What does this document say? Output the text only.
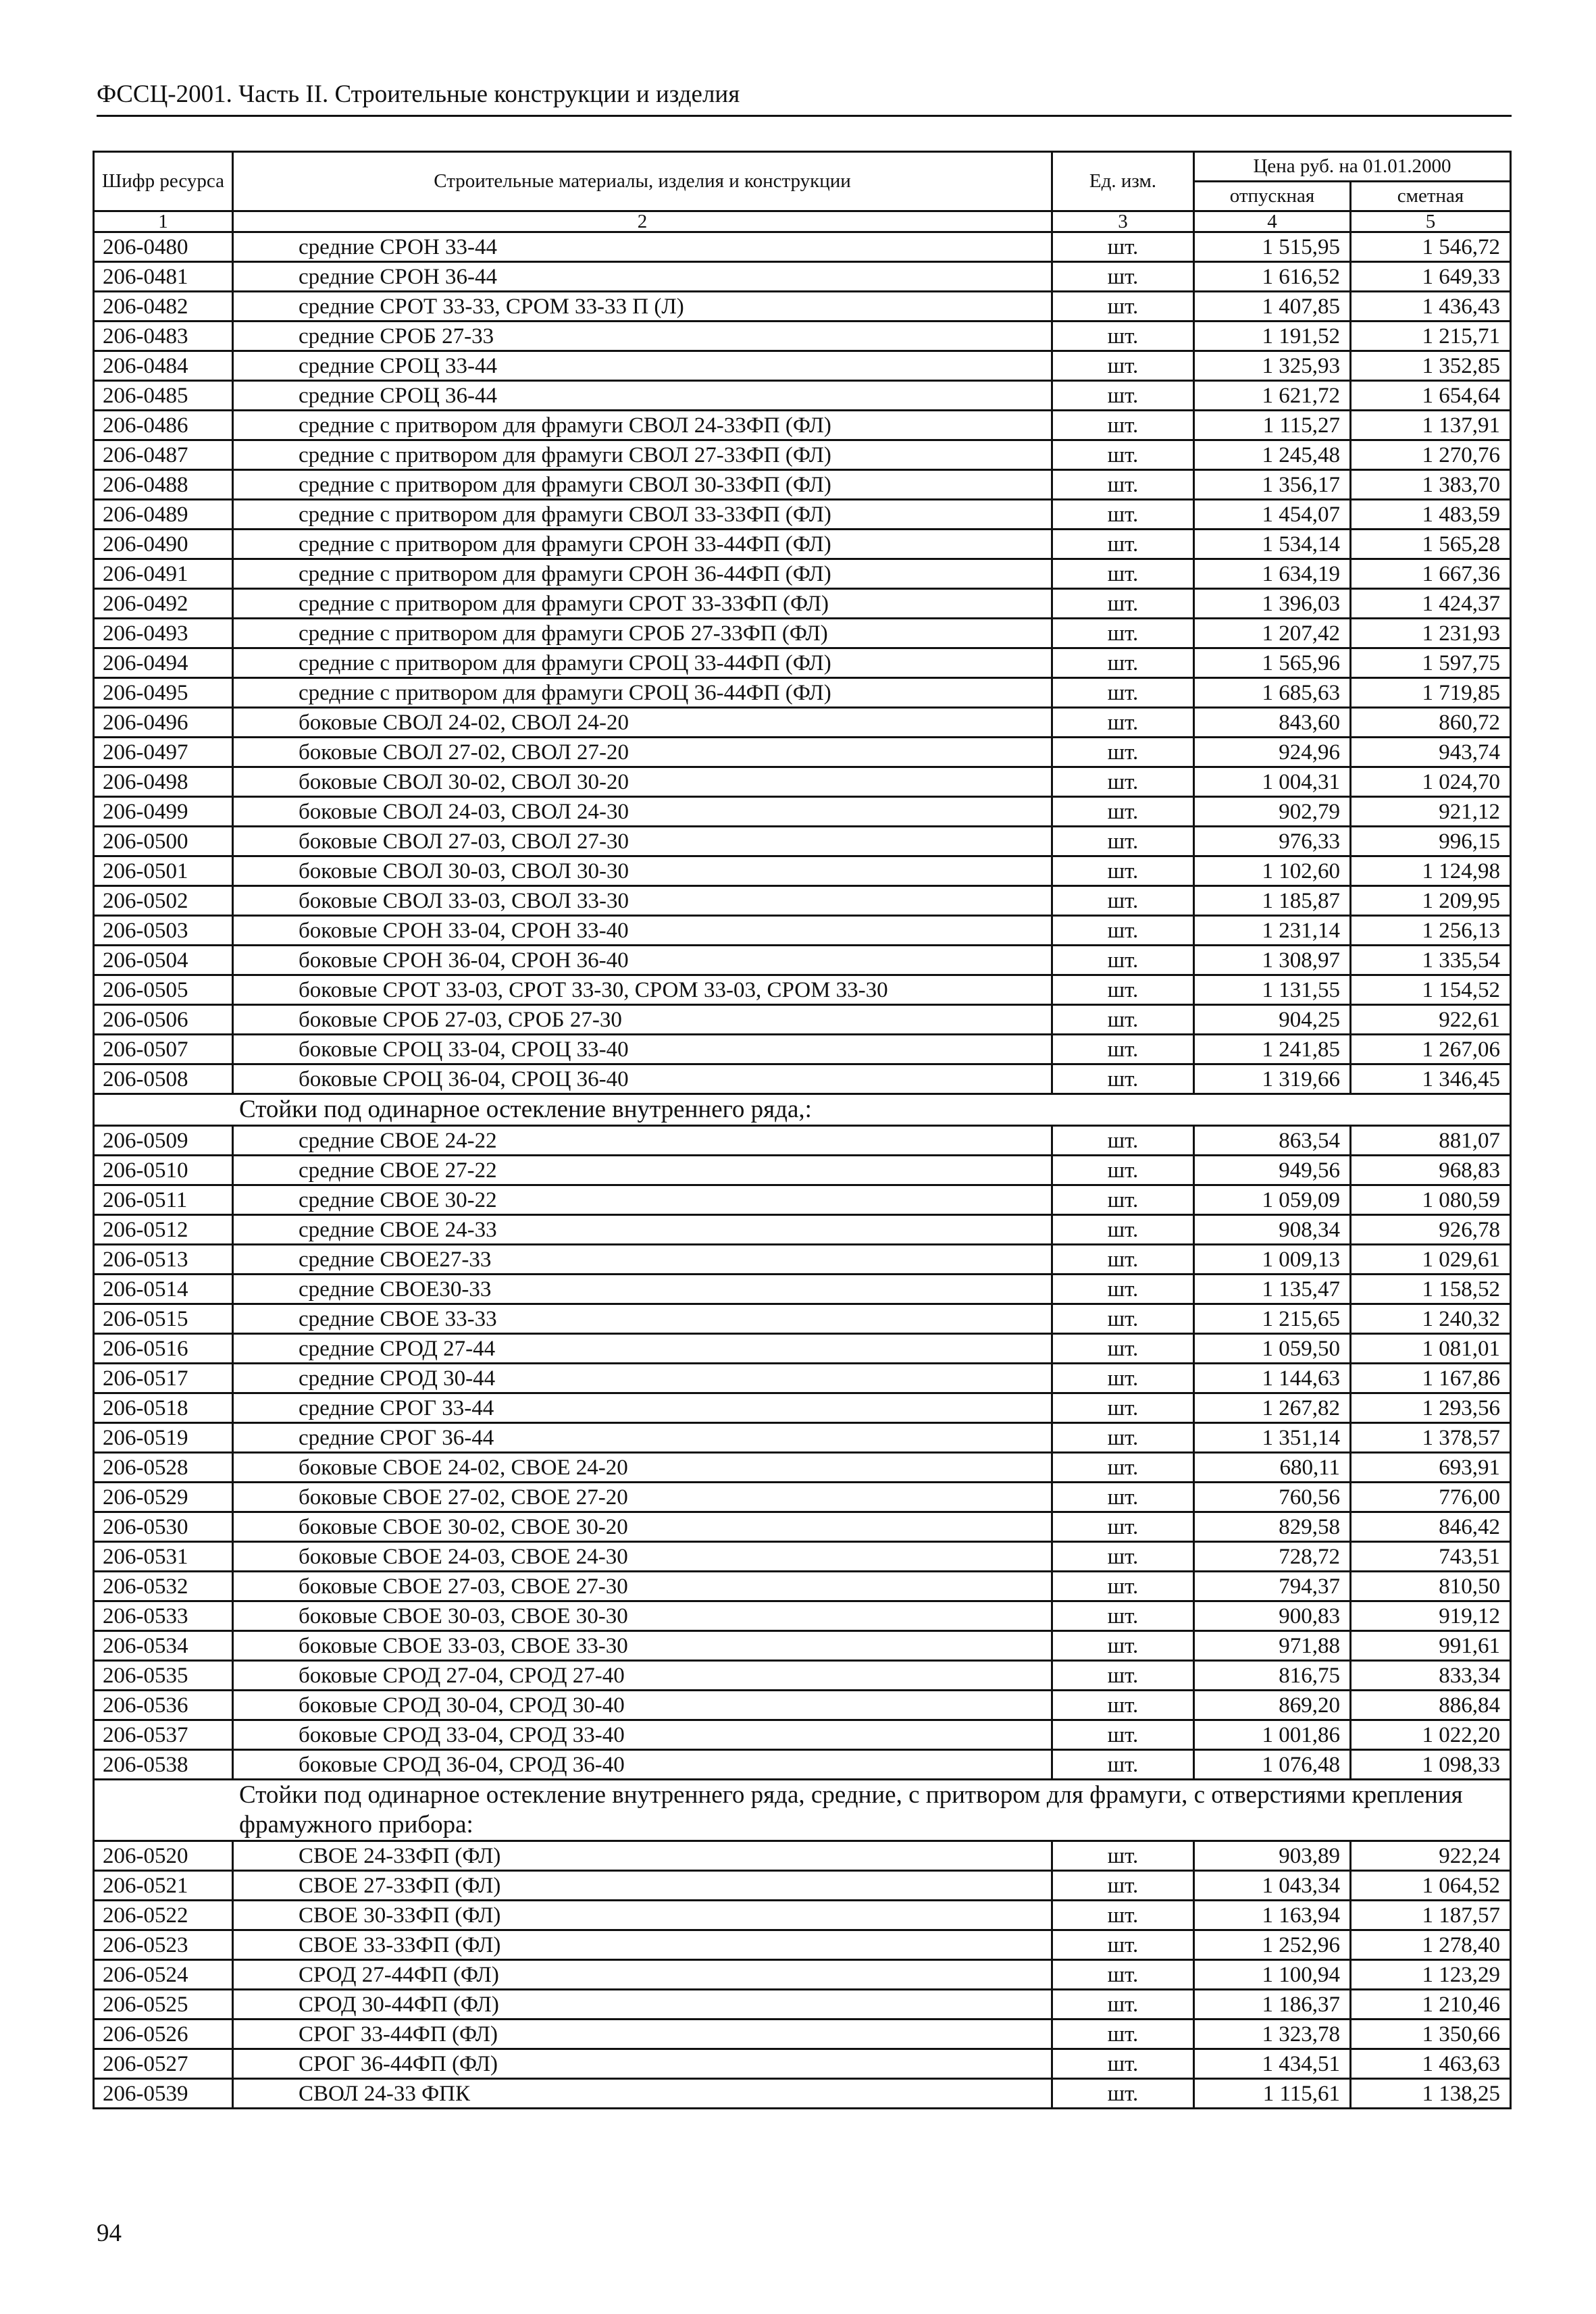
ФССЦ-2001. Часть II. Строительные конструкции и изделия
Шифр ресурса	Строительные материалы, изделия и конструкции	Ед. изм.	Цена руб. на 01.01.2000	
			отпускная	сметная
1	2	3	4	5
206-0480	средние СРОН 33-44	шт.	1 515,95	1 546,72
206-0481	средние СРОН 36-44	шт.	1 616,52	1 649,33
206-0482	средние СРОТ 33-33, СРОМ 33-33 П (Л)	шт.	1 407,85	1 436,43
206-0483	средние СРОБ 27-33	шт.	1 191,52	1 215,71
206-0484	средние СРОЦ 33-44	шт.	1 325,93	1 352,85
206-0485	средние СРОЦ 36-44	шт.	1 621,72	1 654,64
206-0486	средние с притвором для фрамуги СВОЛ 24-33ФП (ФЛ)	шт.	1 115,27	1 137,91
206-0487	средние с притвором для фрамуги СВОЛ 27-33ФП (ФЛ)	шт.	1 245,48	1 270,76
206-0488	средние с притвором для фрамуги СВОЛ 30-33ФП (ФЛ)	шт.	1 356,17	1 383,70
206-0489	средние с притвором для фрамуги СВОЛ 33-33ФП (ФЛ)	шт.	1 454,07	1 483,59
206-0490	средние с притвором для фрамуги СРОН 33-44ФП (ФЛ)	шт.	1 534,14	1 565,28
206-0491	средние с притвором для фрамуги СРОН 36-44ФП (ФЛ)	шт.	1 634,19	1 667,36
206-0492	средние с притвором для фрамуги СРОТ 33-33ФП (ФЛ)	шт.	1 396,03	1 424,37
206-0493	средние с притвором для фрамуги СРОБ 27-33ФП (ФЛ)	шт.	1 207,42	1 231,93
206-0494	средние с притвором для фрамуги СРОЦ 33-44ФП (ФЛ)	шт.	1 565,96	1 597,75
206-0495	средние с притвором для фрамуги СРОЦ 36-44ФП (ФЛ)	шт.	1 685,63	1 719,85
206-0496	боковые СВОЛ 24-02, СВОЛ 24-20	шт.	843,60	860,72
206-0497	боковые СВОЛ 27-02, СВОЛ 27-20	шт.	924,96	943,74
206-0498	боковые СВОЛ 30-02, СВОЛ 30-20	шт.	1 004,31	1 024,70
206-0499	боковые СВОЛ 24-03, СВОЛ 24-30	шт.	902,79	921,12
206-0500	боковые СВОЛ 27-03, СВОЛ 27-30	шт.	976,33	996,15
206-0501	боковые СВОЛ 30-03, СВОЛ 30-30	шт.	1 102,60	1 124,98
206-0502	боковые СВОЛ 33-03, СВОЛ 33-30	шт.	1 185,87	1 209,95
206-0503	боковые СРОН 33-04, СРОН 33-40	шт.	1 231,14	1 256,13
206-0504	боковые СРОН 36-04, СРОН 36-40	шт.	1 308,97	1 335,54
206-0505	боковые СРОТ 33-03, СРОТ 33-30, СРОМ 33-03, СРОМ 33-30	шт.	1 131,55	1 154,52
206-0506	боковые СРОБ 27-03, СРОБ 27-30	шт.	904,25	922,61
206-0507	боковые СРОЦ 33-04, СРОЦ 33-40	шт.	1 241,85	1 267,06
206-0508	боковые СРОЦ 36-04, СРОЦ 36-40	шт.	1 319,66	1 346,45
Стойки под одинарное остекление внутреннего ряда,:				
206-0509	средние СВОЕ 24-22	шт.	863,54	881,07
206-0510	средние СВОЕ 27-22	шт.	949,56	968,83
206-0511	средние СВОЕ 30-22	шт.	1 059,09	1 080,59
206-0512	средние СВОЕ 24-33	шт.	908,34	926,78
206-0513	средние СВОЕ27-33	шт.	1 009,13	1 029,61
206-0514	средние СВОЕ30-33	шт.	1 135,47	1 158,52
206-0515	средние СВОЕ 33-33	шт.	1 215,65	1 240,32
206-0516	средние СРОД 27-44	шт.	1 059,50	1 081,01
206-0517	средние СРОД 30-44	шт.	1 144,63	1 167,86
206-0518	средние СРОГ 33-44	шт.	1 267,82	1 293,56
206-0519	средние СРОГ 36-44	шт.	1 351,14	1 378,57
206-0528	боковые СВОЕ 24-02, СВОЕ 24-20	шт.	680,11	693,91
206-0529	боковые СВОЕ 27-02, СВОЕ 27-20	шт.	760,56	776,00
206-0530	боковые СВОЕ 30-02, СВОЕ 30-20	шт.	829,58	846,42
206-0531	боковые СВОЕ 24-03, СВОЕ 24-30	шт.	728,72	743,51
206-0532	боковые СВОЕ 27-03, СВОЕ 27-30	шт.	794,37	810,50
206-0533	боковые СВОЕ 30-03, СВОЕ 30-30	шт.	900,83	919,12
206-0534	боковые СВОЕ 33-03, СВОЕ 33-30	шт.	971,88	991,61
206-0535	боковые СРОД 27-04, СРОД 27-40	шт.	816,75	833,34
206-0536	боковые СРОД 30-04, СРОД 30-40	шт.	869,20	886,84
206-0537	боковые СРОД 33-04, СРОД 33-40	шт.	1 001,86	1 022,20
206-0538	боковые СРОД 36-04, СРОД 36-40	шт.	1 076,48	1 098,33
Стойки под одинарное остекление внутреннего ряда, средние, с притвором для фрамуги, с отверстиями крепления фрамужного прибора:				
206-0520	СВОЕ 24-33ФП (ФЛ)	шт.	903,89	922,24
206-0521	СВОЕ 27-33ФП (ФЛ)	шт.	1 043,34	1 064,52
206-0522	СВОЕ 30-33ФП (ФЛ)	шт.	1 163,94	1 187,57
206-0523	СВОЕ 33-33ФП (ФЛ)	шт.	1 252,96	1 278,40
206-0524	СРОД 27-44ФП (ФЛ)	шт.	1 100,94	1 123,29
206-0525	СРОД 30-44ФП (ФЛ)	шт.	1 186,37	1 210,46
206-0526	СРОГ 33-44ФП (ФЛ)	шт.	1 323,78	1 350,66
206-0527	СРОГ 36-44ФП (ФЛ)	шт.	1 434,51	1 463,63
206-0539	СВОЛ 24-33 ФПК	шт.	1 115,61	1 138,25
94
